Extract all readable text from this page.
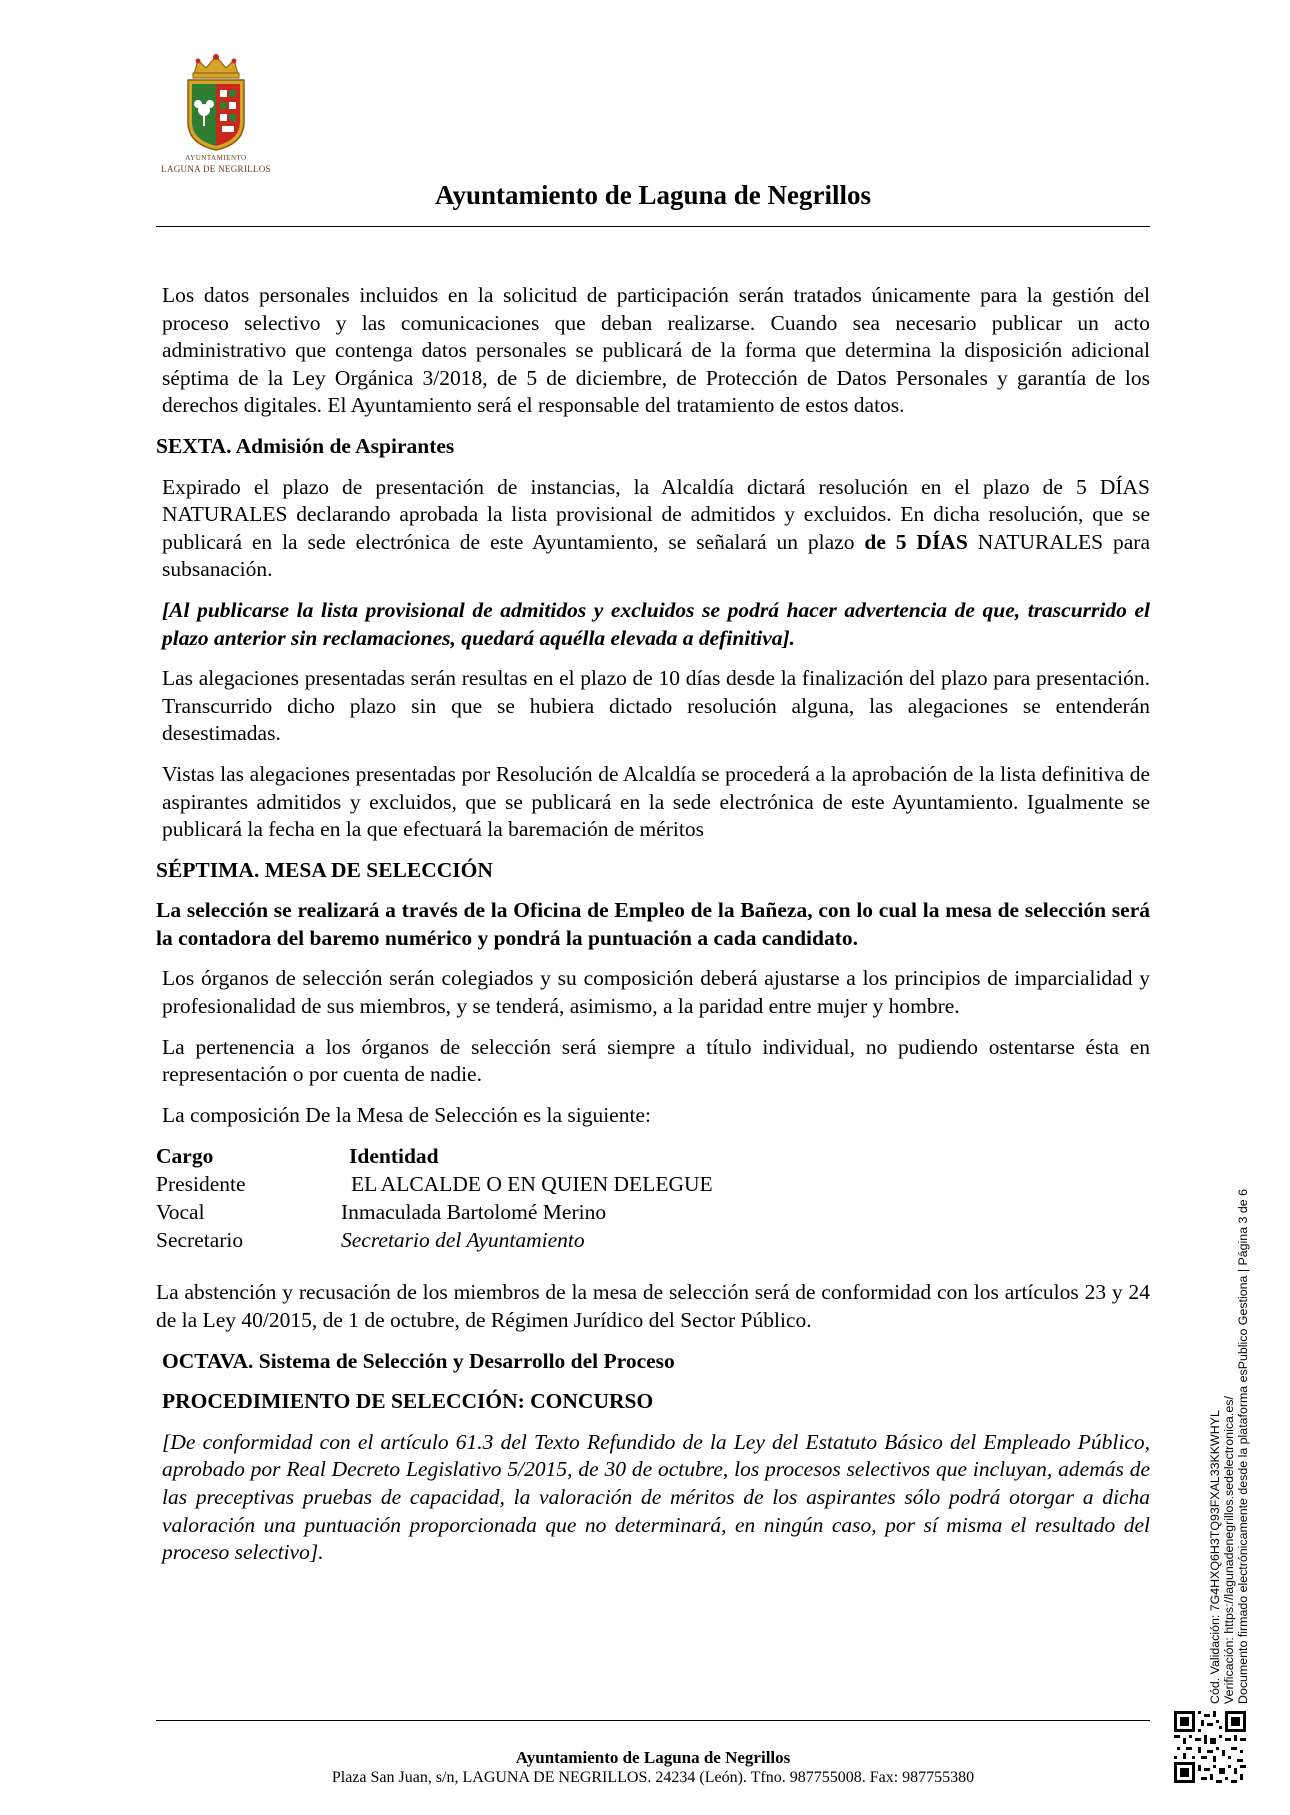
AYUNTAMIENTO
LAGUNA DE NEGRILLOS
Ayuntamiento de Laguna de Negrillos

Los datos personales incluidos en la solicitud de participación serán tratados únicamente para la gestión del proceso selectivo y las comunicaciones que deban realizarse. Cuando sea necesario publicar un acto administrativo que contenga datos personales se publicará de la forma que determina la disposición adicional séptima de la Ley Orgánica 3/2018, de 5 de diciembre, de Protección de Datos Personales y garantía de los derechos digitales. El Ayuntamiento será el responsable del tratamiento de estos datos.

SEXTA. Admisión de Aspirantes

Expirado el plazo de presentación de instancias, la Alcaldía dictará resolución en el plazo de 5 DÍAS NATURALES declarando aprobada la lista provisional de admitidos y excluidos. En dicha resolución, que se publicará en la sede electrónica de este Ayuntamiento, se señalará un plazo de 5 DÍAS NATURALES para subsanación.

[Al publicarse la lista provisional de admitidos y excluidos se podrá hacer advertencia de que, trascurrido el plazo anterior sin reclamaciones, quedará aquélla elevada a definitiva].

Las alegaciones presentadas serán resultas en el plazo de 10 días desde la finalización del plazo para presentación. Transcurrido dicho plazo sin que se hubiera dictado resolución alguna, las alegaciones se entenderán desestimadas.

Vistas las alegaciones presentadas por Resolución de Alcaldía se procederá a la aprobación de la lista definitiva de aspirantes admitidos y excluidos, que se publicará en la sede electrónica de este Ayuntamiento. Igualmente se publicará la fecha en la que efectuará la baremación de méritos

SÉPTIMA. MESA DE SELECCIÓN

La selección se realizará a través de la Oficina de Empleo de la Bañeza, con lo cual la mesa de selección será la contadora del baremo numérico y pondrá la puntuación a cada candidato.

Los órganos de selección serán colegiados y su composición deberá ajustarse a los principios de imparcialidad y profesionalidad de sus miembros, y se tenderá, asimismo, a la paridad entre mujer y hombre.

La pertenencia a los órganos de selección será siempre a título individual, no pudiendo ostentarse ésta en representación o por cuenta de nadie.

La composición De la Mesa de Selección es la siguiente:

Cargo	Identidad
Presidente	EL ALCALDE O EN QUIEN DELEGUE
Vocal	Inmaculada Bartolomé Merino
Secretario	Secretario del Ayuntamiento

La abstención y recusación de los miembros de la mesa de selección será de conformidad con los artículos 23 y 24 de la Ley 40/2015, de 1 de octubre, de Régimen Jurídico del Sector Público.

OCTAVA. Sistema de Selección y Desarrollo del Proceso

PROCEDIMIENTO DE SELECCIÓN: CONCURSO

[De conformidad con el artículo 61.3 del Texto Refundido de la Ley del Estatuto Básico del Empleado Público, aprobado por Real Decreto Legislativo 5/2015, de 30 de octubre, los procesos selectivos que incluyan, además de las preceptivas pruebas de capacidad, la valoración de méritos de los aspirantes sólo podrá otorgar a dicha valoración una puntuación proporcionada que no determinará, en ningún caso, por sí misma el resultado del proceso selectivo].	Cód. Validación: 7G4HXQ6H3TQ93FXAL33KKWHYL Verificación: https://lagunadenegrillos.sedelectronica.es/ Documento firmado electrónicamente desde la plataforma esPublico Gestiona | Página 3 de 6
Ayuntamiento de Laguna de Negrillos
Plaza San Juan, s/n, LAGUNA DE NEGRILLOS. 24234 (León). Tfno. 987755008. Fax: 987755380
